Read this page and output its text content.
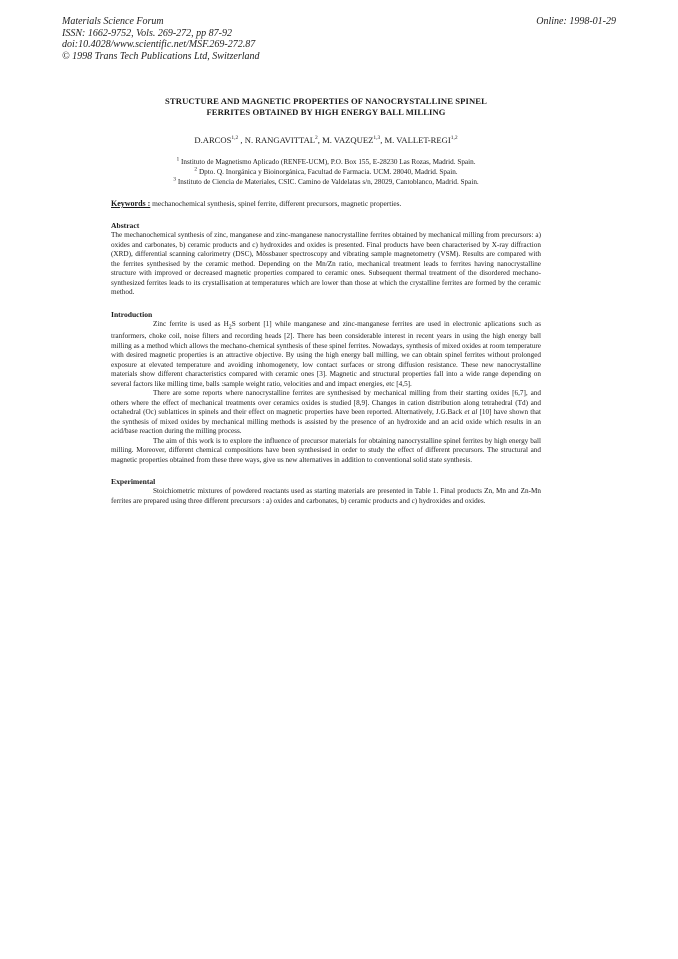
Materials Science Forum
ISSN: 1662-9752, Vols. 269-272, pp 87-92
doi:10.4028/www.scientific.net/MSF.269-272.87
© 1998 Trans Tech Publications Ltd, Switzerland
Online: 1998-01-29
STRUCTURE AND MAGNETIC PROPERTIES OF NANOCRYSTALLINE SPINEL
FERRITES OBTAINED BY HIGH ENERGY BALL MILLING
D.ARCOS$^{1,2}$ , N. RANGAVITTAL$^2$, M. VAZQUEZ$^{1,3}$, M. VALLET-REGI$^{1,2}$
$^1$ Instituto de Magnetismo Aplicado (RENFE-UCM), P.O. Box 155, E-28230 Las Rozas, Madrid. Spain.
$^2$ Dpto. Q. Inorgánica y Bioinorgánica, Facultad de Farmacia. UCM. 28040, Madrid. Spain.
$^3$ Instituto de Ciencia de Materiales, CSIC. Camino de Valdelatas s/n, 28029, Cantoblanco, Madrid. Spain.
Keywords : mechanochemical synthesis, spinel ferrite, different precursors, magnetic properties.
Abstract
The mechanochemical synthesis of zinc, manganese and zinc-manganese nanocrystalline ferrites obtained by mechanical milling from precursors: a) oxides and carbonates, b) ceramic products and c) hydroxides and oxides is presented. Final products have been characterised by X-ray diffraction (XRD), differential scanning calorimetry (DSC), Mössbauer spectroscopy and vibrating sample magnetometry (VSM). Results are compared with the ferrites synthesised by the ceramic method. Depending on the Mn/Zn ratio, mechanical treatment leads to ferrites having nanocrystalline structure with improved or decreased magnetic properties compared to ceramic ones. Subsequent thermal treatment of the disordered mechano-synthesized ferrites leads to its crystallisation at temperatures which are lower than those at which the crystalline ferrites are formed by the ceramic method.
Introduction
Zinc ferrite is used as $H_2S$ sorbent [1] while manganese and zinc-manganese ferrites are used in electronic aplications such as tranformers, choke coil, noise filters and recording heads [2]. There has been considerable interest in recent years in using the high energy ball milling as a method which allows the mechano-chemical synthesis of these spinel ferrites. Nowadays, synthesis of mixed oxides at room temperature with desired magnetic properties is an attractive objective. By using the high energy ball milling, we can obtain spinel ferrites without prolonged exposure at elevated temperature and avoiding inhomogenety, low contact surfaces or strong diffusion resistance. These new nanocrystalline materials show different characteristics compared with ceramic ones [3]. Magnetic and structural properties fall into a wide range depending on several factors like milling time, balls :sample weight ratio, velocities and and impact energies, etc [4,5].
There are some reports where nanocrystalline ferrites are synthesised by mechanical milling from their starting oxides [6,7], and others where the effect of mechanical treatments over ceramics oxides is studied [8,9]. Changes in cation distribution along tetrahedral (Td) and octahedral (Oc) sublattices in spinels and their effect on magnetic properties have been reported. Alternatively, J.G.Back et al [10] have shown that the synthesis of mixed oxides by mechanical milling methods is assisted by the presence of an hydroxide and an acid oxide which results in an acid/base reaction during the milling process.
The aim of this work is to explore the influence of precursor materials for obtaining nanocrystalline spinel ferrites by high energy ball milling. Moreover, different chemical compositions have been synthesised in order to study the effect of different precursors. The structural and magnetic properties obtained from these three ways, give us new alternatives in addition to conventional solid state synthesis.
Experimental
Stoichiometric mixtures of powdered reactants used as starting materials are presented in Table 1. Final products Zn, Mn and Zn-Mn ferrites are prepared using three different precursors : a) oxides and carbonates, b) ceramic products and c) hydroxides and oxides.
